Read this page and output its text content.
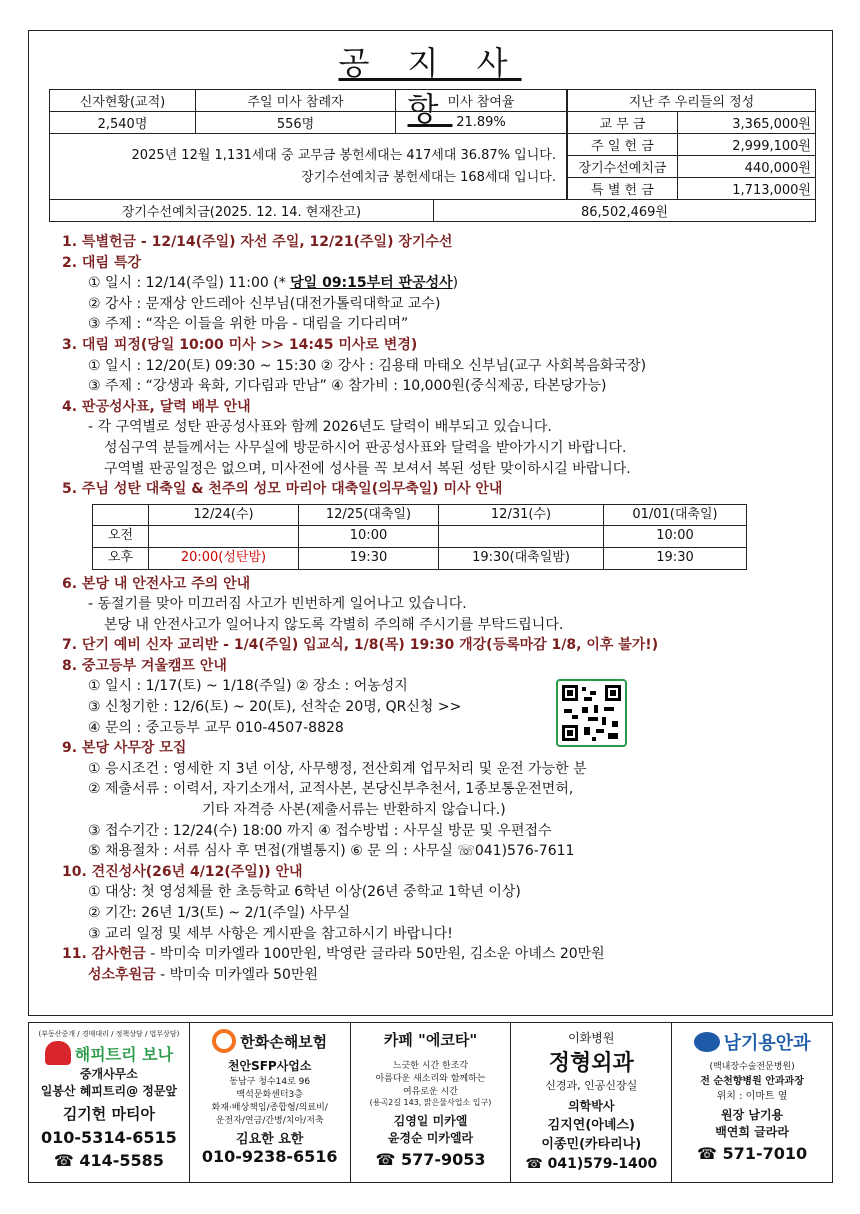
공 지 사 항
신자현황(교적)	주일 미사 참례자	미사 참여율
2,540명	556명	21.89%

2025년 12월 1,131세대 중 교무금 봉헌세대는 417세대 36.87% 입니다.
장기수선예치금 봉헌세대는 168세대 입니다.		
지난 주 우리들의 정성	
교 무 금	3,365,000원
주 일 헌 금	2,999,100원
장기수선예치금	440,000원
특 별 헌 금	1,713,000원
장기수선예치금(2025. 12. 14. 현재잔고)	86,502,469원
1. 특별헌금 - 12/14(주일) 자선 주일, 12/21(주일) 장기수선
2. 대림 특강
① 일시 : 12/14(주일) 11:00 (* 당일 09:15부터 판공성사)
② 강사 : 문재상 안드레아 신부님(대전가톨릭대학교 교수)
③ 주제 : “작은 이들을 위한 마음 - 대림을 기다리며”
3. 대림 피정(당일 10:00 미사 >> 14:45 미사로 변경)
① 일시 : 12/20(토) 09:30 ~ 15:30 ② 강사 : 김용태 마태오 신부님(교구 사회복음화국장)
③ 주제 : “강생과 육화, 기다림과 만남” ④ 참가비 : 10,000원(중식제공, 타본당가능)
4. 판공성사표, 달력 배부 안내
- 각 구역별로 성탄 판공성사표와 함께 2026년도 달력이 배부되고 있습니다.
성심구역 분들께서는 사무실에 방문하시어 판공성사표와 달력을 받아가시기 바랍니다.
구역별 판공일정은 없으며, 미사전에 성사를 꼭 보셔서 복된 성탄 맞이하시길 바랍니다.
5. 주님 성탄 대축일 & 천주의 성모 마리아 대축일(의무축일) 미사 안내
	12/24(수)	12/25(대축일)	12/31(수)	01/01(대축일)
오전		10:00		10:00
오후	20:00(성탄밤)	19:30	19:30(대축일밤)	19:30
6. 본당 내 안전사고 주의 안내
- 동절기를 맞아 미끄러짐 사고가 빈번하게 일어나고 있습니다.
본당 내 안전사고가 일어나지 않도록 각별히 주의해 주시기를 부탁드립니다.
7. 단기 예비 신자 교리반 - 1/4(주일) 입교식, 1/8(목) 19:30 개강(등록마감 1/8, 이후 불가!)
8. 중고등부 겨울캠프 안내
① 일시 : 1/17(토) ~ 1/18(주일) ② 장소 : 어농성지
③ 신청기한 : 12/6(토) ~ 20(토), 선착순 20명, QR신청 >>
④ 문의 : 중고등부 교무 010-4507-8828
9. 본당 사무장 모집
① 응시조건 : 영세한 지 3년 이상, 사무행정, 전산회계 업무처리 및 운전 가능한 분
② 제출서류 : 이력서, 자기소개서, 교적사본, 본당신부추천서, 1종보통운전면허,
기타 자격증 사본(제출서류는 반환하지 않습니다.)
③ 접수기간 : 12/24(수) 18:00 까지 ④ 접수방법 : 사무실 방문 및 우편접수
⑤ 채용절차 : 서류 심사 후 면접(개별통지) ⑥ 문 의 : 사무실 ☏041)576-7611
10. 견진성사(26년 4/12(주일)) 안내
① 대상: 첫 영성체를 한 초등학교 6학년 이상(26년 중학교 1학년 이상)
② 기간: 26년 1/3(토) ~ 2/1(주일) 사무실
③ 교리 일정 및 세부 사항은 게시판을 참고하시기 바랍니다!
11. 감사헌금 - 박미숙 미카엘라 100만원, 박영란 글라라 50만원, 김소운 아녜스 20만원
성소후원금 - 박미숙 미카엘라 50만원
(부동산중개 / 경매대리 / 정책상담 / 법무상담)
해피트리 보나
중개사무소
일봉산 혜피트리@ 정문앞
김기헌 마티아
010-5314-6515
☎ 414-5585
한화손해보험
천안SFP사업소
동남구 청수14로 96
백석문화센터3층
화재·배상책임/종합형/의료비/
운전자/연금/간병/치아/저축
김요한 요한
010-9238-6516
카페 "에코타"
느긋한 시간 한조각
아름다운 새소리와 함께하는
여유로운 시간
(용곡2길 143, 맑은물사업소 입구)
김영일 미카엘
윤경순 미카엘라
☎ 577-9053
이화병원
정형외과
신경과, 인공신장실
의학박사
김지연(아녜스)
이종민(카타리나)
☎ 041)579-1400
남기용안과
(백내장수술전문병원)
전 순천향병원 안과과장
위치 : 이마트 옆
원장 남기용
백연희 글라라
☎ 571-7010
